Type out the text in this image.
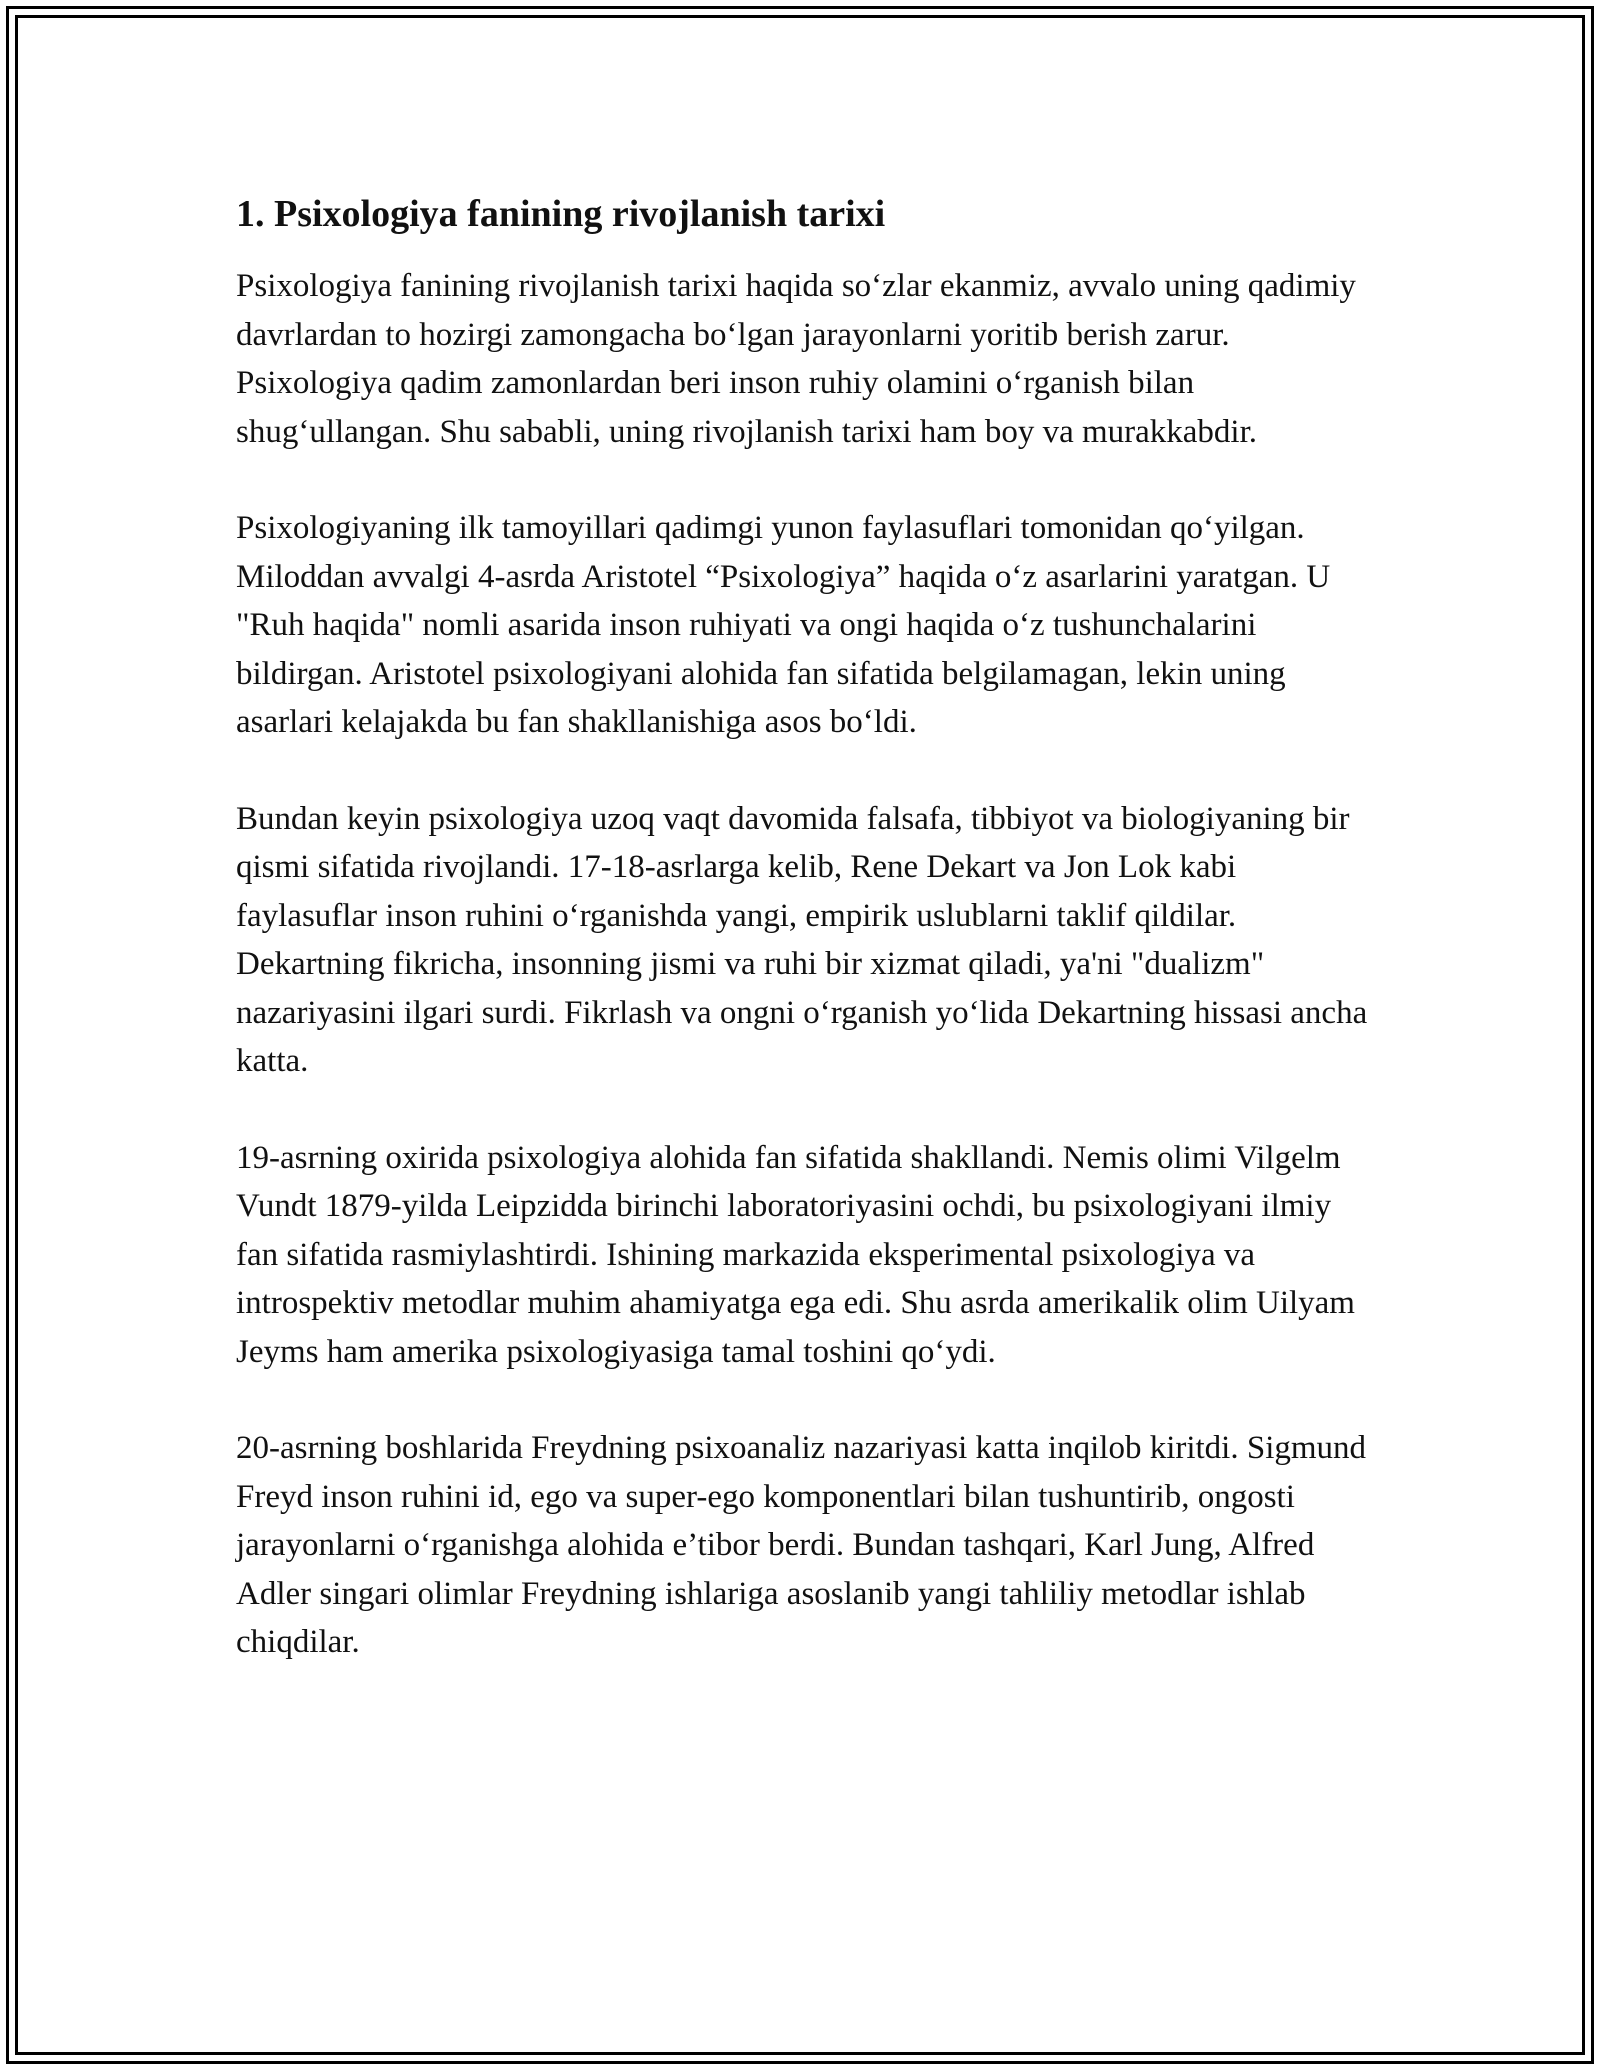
1. Psixologiya fanining rivojlanish tarixi

Psixologiya fanining rivojlanish tarixi haqida so‘zlar ekanmiz, avvalo uning qadimiy davrlardan to hozirgi zamongacha bo‘lgan jarayonlarni yoritib berish zarur. Psixologiya qadim zamonlardan beri inson ruhiy olamini o‘rganish bilan shug‘ullangan. Shu sababli, uning rivojlanish tarixi ham boy va murakkabdir.

Psixologiyaning ilk tamoyillari qadimgi yunon faylasuflari tomonidan qo‘yilgan. Miloddan avvalgi 4-asrda Aristotel “Psixologiya” haqida o‘z asarlarini yaratgan. U "Ruh haqida" nomli asarida inson ruhiyati va ongi haqida o‘z tushunchalarini bildirgan. Aristotel psixologiyani alohida fan sifatida belgilamagan, lekin uning asarlari kelajakda bu fan shakllanishiga asos bo‘ldi.

Bundan keyin psixologiya uzoq vaqt davomida falsafa, tibbiyot va biologiyaning bir qismi sifatida rivojlandi. 17-18-asrlarga kelib, Rene Dekart va Jon Lok kabi faylasuflar inson ruhini o‘rganishda yangi, empirik uslublarni taklif qildilar. Dekartning fikricha, insonning jismi va ruhi bir xizmat qiladi, ya'ni "dualizm" nazariyasini ilgari surdi. Fikrlash va ongni o‘rganish yo‘lida Dekartning hissasi ancha katta.

19-asrning oxirida psixologiya alohida fan sifatida shakllandi. Nemis olimi Vilgelm Vundt 1879-yilda Leipzidda birinchi laboratoriyasini ochdi, bu psixologiyani ilmiy fan sifatida rasmiylashtirdi. Ishining markazida eksperimental psixologiya va introspektiv metodlar muhim ahamiyatga ega edi. Shu asrda amerikalik olim Uilyam Jeyms ham amerika psixologiyasiga tamal toshini qo‘ydi.

20-asrning boshlarida Freydning psixoanaliz nazariyasi katta inqilob kiritdi. Sigmund Freyd inson ruhini id, ego va super-ego komponentlari bilan tushuntirib, ongosti jarayonlarni o‘rganishga alohida e’tibor berdi. Bundan tashqari, Karl Jung, Alfred Adler singari olimlar Freydning ishlariga asoslanib yangi tahliliy metodlar ishlab chiqdilar.
